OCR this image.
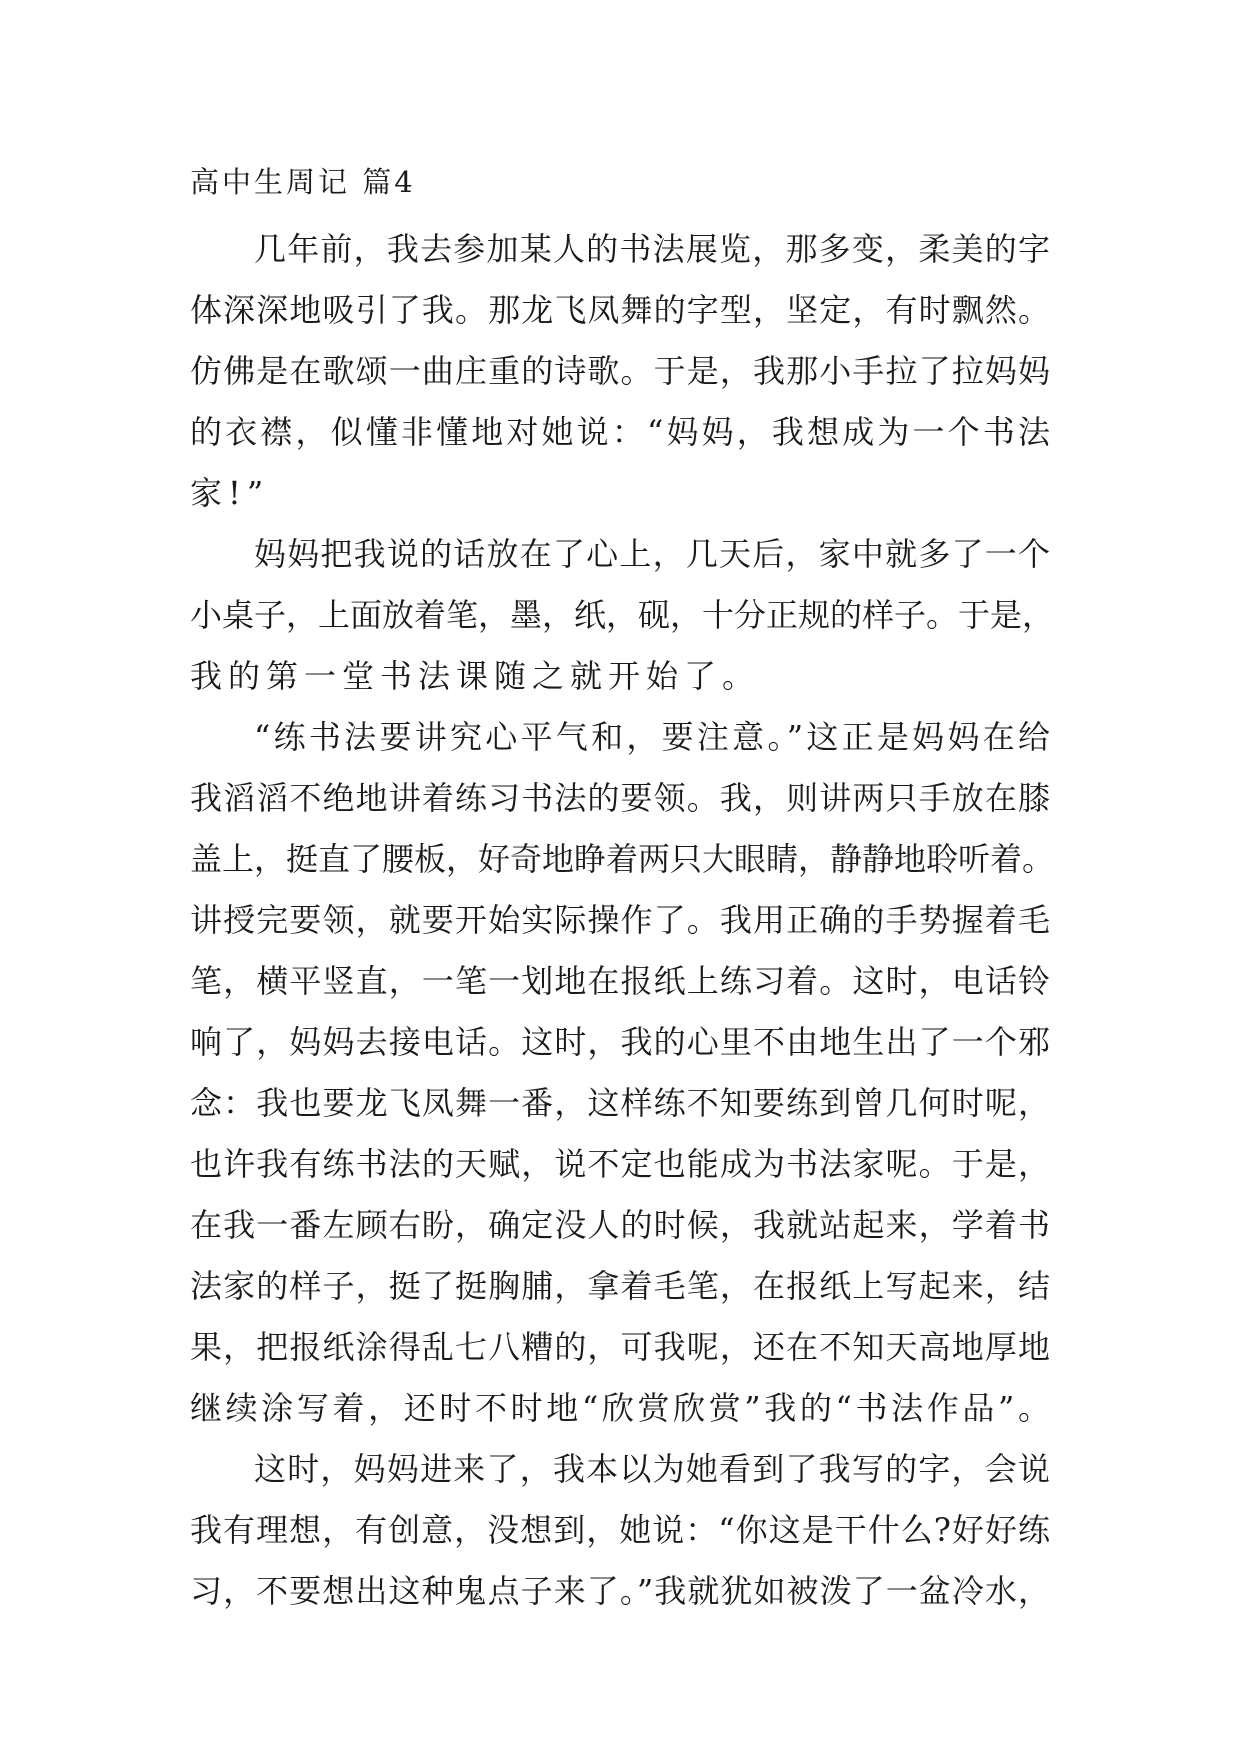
高中生周记 篇4
几年前，我去参加某人的书法展览，那多变，柔美的字
体深深地吸引了我。那龙飞凤舞的字型，坚定，有时飘然。
仿佛是在歌颂一曲庄重的诗歌。于是，我那小手拉了拉妈妈
的衣襟，似懂非懂地对她说：“妈妈，我想成为一个书法
家!”
妈妈把我说的话放在了心上，几天后，家中就多了一个
小桌子，上面放着笔，墨，纸，砚，十分正规的样子。于是，
我的第一堂书法课随之就开始了。
“练书法要讲究心平气和，要注意。”这正是妈妈在给
我滔滔不绝地讲着练习书法的要领。我，则讲两只手放在膝
盖上，挺直了腰板，好奇地睁着两只大眼睛，静静地聆听着。
讲授完要领，就要开始实际操作了。我用正确的手势握着毛
笔，横平竖直，一笔一划地在报纸上练习着。这时，电话铃
响了，妈妈去接电话。这时，我的心里不由地生出了一个邪
念：我也要龙飞凤舞一番，这样练不知要练到曾几何时呢，
也许我有练书法的天赋，说不定也能成为书法家呢。于是，
在我一番左顾右盼，确定没人的时候，我就站起来，学着书
法家的样子，挺了挺胸脯，拿着毛笔，在报纸上写起来，结
果，把报纸涂得乱七八糟的，可我呢，还在不知天高地厚地
继续涂写着，还时不时地“欣赏欣赏”我的“书法作品”。
这时，妈妈进来了，我本以为她看到了我写的字，会说
我有理想，有创意，没想到，她说：“你这是干什么?好好练
习，不要想出这种鬼点子来了。”我就犹如被泼了一盆冷水，
